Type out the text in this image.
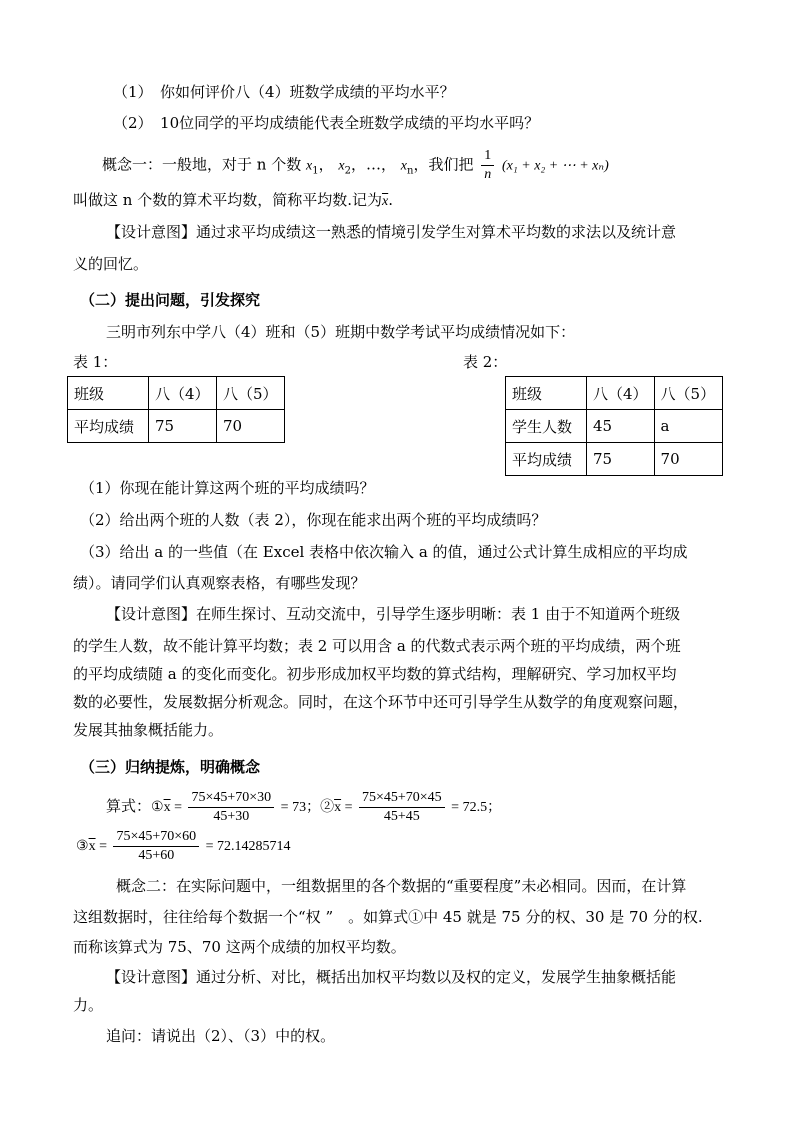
（1）　你如何评价八（4）班数学成绩的平均水平？
（2）　10位同学的平均成绩能代表全班数学成绩的平均水平吗？
概念一：一般地，对于 n 个数 $x_1$， $x_2$，…， $x_n$，我们把 $\frac{1}{n} (x_1 + x_2$ + ⋯ + xₙ)
叫做这 n 个数的算术平均数，简称平均数.记为$\overline{x}$.
【设计意图】通过求平均成绩这一熟悉的情境引发学生对算术平均数的求法以及统计意
义的回忆。
（二）提出问题，引发探究
三明市列东中学八（4）班和（5）班期中数学考试平均成绩情况如下：
表 1：	表 2：
班级	八（4）	八（5）
平均成绩	75	70
班级	八（4）	八（5）
学生人数	45	a
平均成绩	75	70
（1）你现在能计算这两个班的平均成绩吗？
（2）给出两个班的人数（表 2），你现在能求出两个班的平均成绩吗？
（3）给出 a 的一些值（在 Excel 表格中依次输入 a 的值，通过公式计算生成相应的平均成
绩）。请同学们认真观察表格，有哪些发现？
【设计意图】在师生探讨、互动交流中，引导学生逐步明晰：表 1 由于不知道两个班级
的学生人数，故不能计算平均数；表 2 可以用含 a 的代数式表示两个班的平均成绩，两个班
的平均成绩随 a 的变化而变化。初步形成加权平均数的算式结构，理解研究、学习加权平均
数的必要性，发展数据分析观念。同时，在这个环节中还可引导学生从数学的角度观察问题，
发展其抽象概括能力。
（三）归纳提炼，明确概念
算式：$①\overline{x} = \frac{75\times 45+70\times 30}{45+30} = 73$；$②\overline{x} = \frac{75\times 45+70\times 45}{45+45} = 72.5$；
$③\overline{x} = \frac{75\times 45+70\times 60}{45+60} = 72.14285714$
概念二：在实际问题中，一组数据里的各个数据的“重要程度”未必相同。因而，在计算
这组数据时，往往给每个数据一个“权 ”　。如算式①中 45 就是 75 分的权、30 是 70 分的权.
而称该算式为 75、70 这两个成绩的加权平均数。
【设计意图】通过分析、对比，概括出加权平均数以及权的定义，发展学生抽象概括能
力。
追问：请说出（2）、（3）中的权。
